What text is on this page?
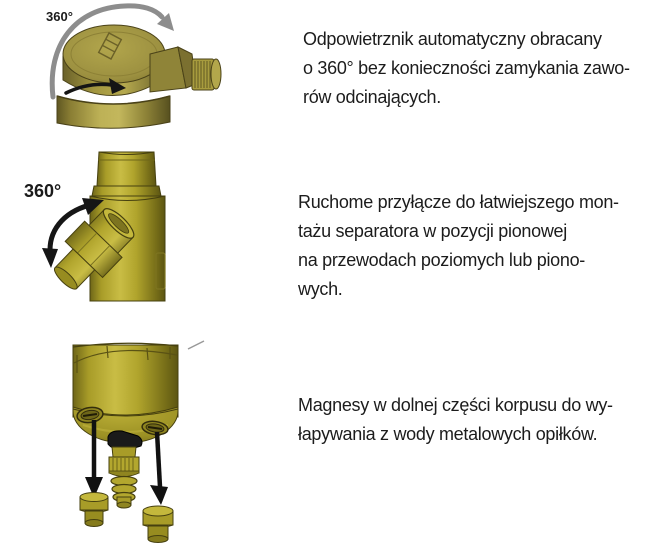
360°
Odpowietrznik automatyczny obracany
o 360° bez konieczności zamykania zawo-
rów odcinających.
360°
Ruchome przyłącze do łatwiejszego mon-
tażu separatora w pozycji pionowej
na przewodach poziomych lub piono-
wych.
Magnesy w dolnej części korpusu do wy-
łapywania z wody metalowych opiłków.
